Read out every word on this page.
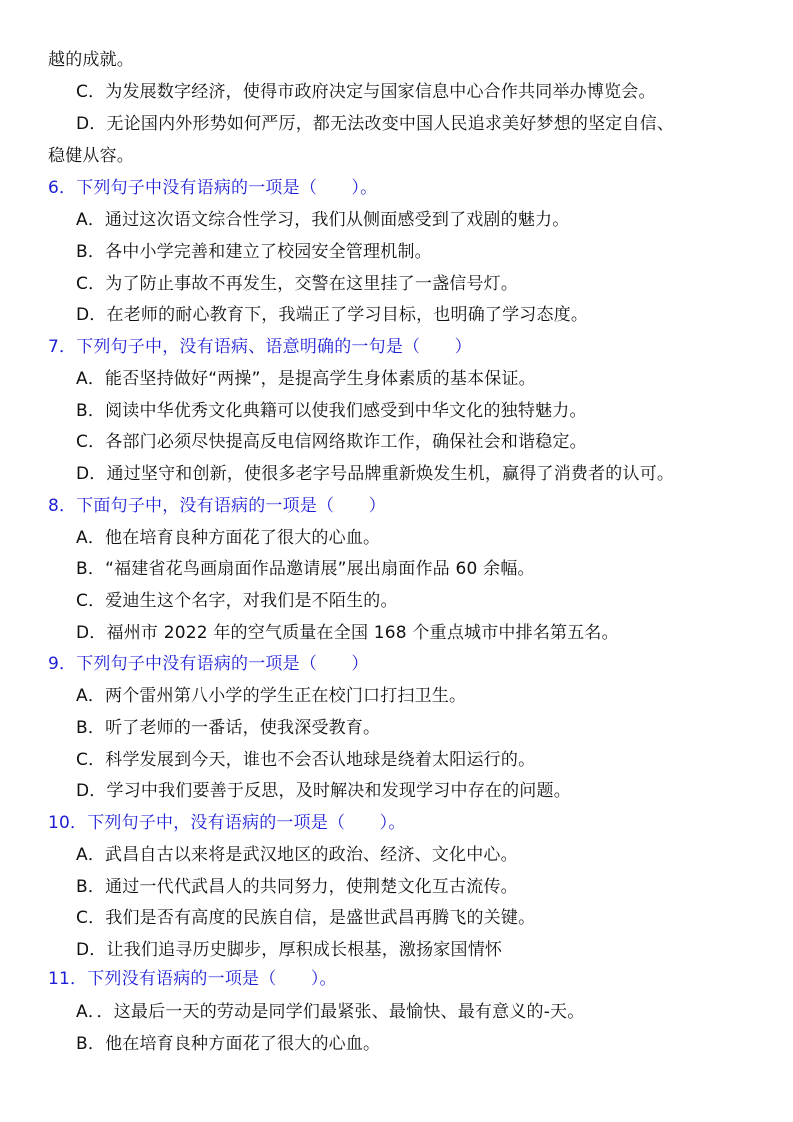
越的成就。
C．为发展数字经济，使得市政府决定与国家信息中心合作共同举办博览会。
D．无论国内外形势如何严厉，都无法改变中国人民追求美好梦想的坚定自信、
稳健从容。
6．下列句子中没有语病的一项是（　　）。
A．通过这次语文综合性学习，我们从侧面感受到了戏剧的魅力。
B．各中小学完善和建立了校园安全管理机制。
C．为了防止事故不再发生，交警在这里挂了一盏信号灯。
D．在老师的耐心教育下，我端正了学习目标，也明确了学习态度。
7．下列句子中，没有语病、语意明确的一句是（　　）
A．能否坚持做好“两操”，是提高学生身体素质的基本保证。
B．阅读中华优秀文化典籍可以使我们感受到中华文化的独特魅力。
C．各部门必须尽快提高反电信网络欺诈工作，确保社会和谐稳定。
D．通过坚守和创新，使很多老字号品牌重新焕发生机，赢得了消费者的认可。
8．下面句子中，没有语病的一项是（　　）
A．他在培育良种方面花了很大的心血。
B．“福建省花鸟画扇面作品邀请展”展出扇面作品 60 余幅。
C．爱迪生这个名字，对我们是不陌生的。
D．福州市 2022 年的空气质量在全国 168 个重点城市中排名第五名。
9．下列句子中没有语病的一项是（　　）
A．两个雷州第八小学的学生正在校门口打扫卫生。
B．听了老师的一番话，使我深受教育。
C．科学发展到今天，谁也不会否认地球是绕着太阳运行的。
D．学习中我们要善于反思，及时解决和发现学习中存在的问题。
10．下列句子中，没有语病的一项是（　　）。
A．武昌自古以来将是武汉地区的政治、经济、文化中心。
B．通过一代代武昌人的共同努力，使荆楚文化互古流传。
C．我们是否有高度的民族自信，是盛世武昌再腾飞的关键。
D．让我们追寻历史脚步，厚积成长根基，激扬家国情怀
11．下列没有语病的一项是（　　）。
A．．这最后一天的劳动是同学们最紧张、最愉快、最有意义的-天。
B．他在培育良种方面花了很大的心血。
